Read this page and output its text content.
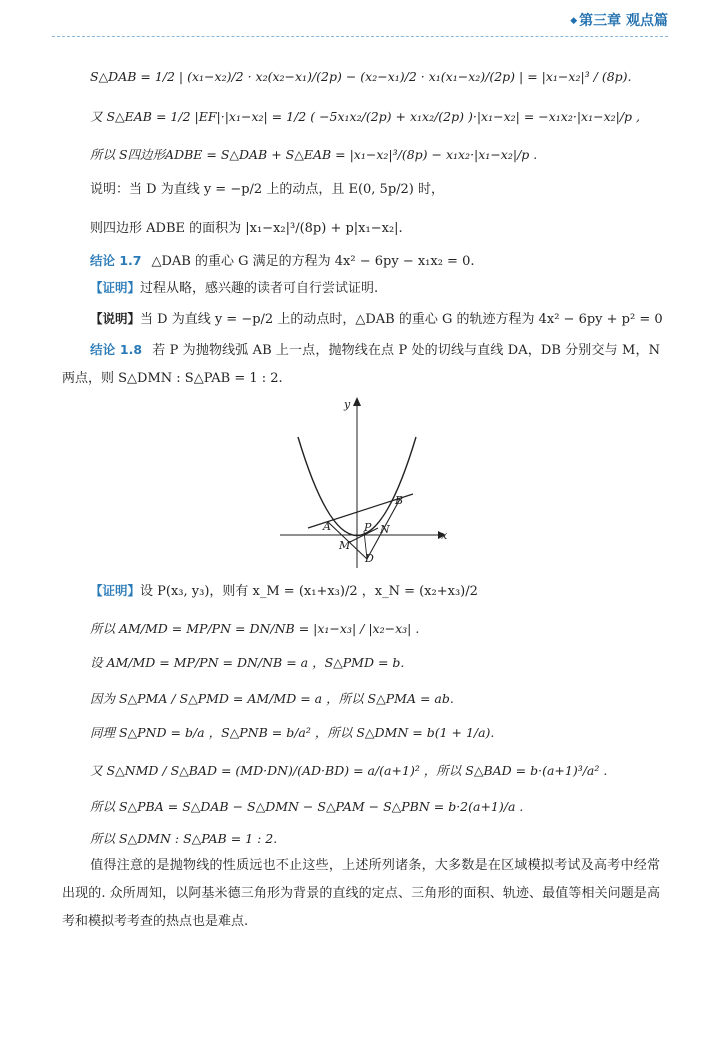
◆ 第三章 观点篇
S△DAB = 1/2 | (x₁−x₂)/2 · x₂(x₂−x₁)/(2p) − (x₂−x₁)/2 · x₁(x₁−x₂)/(2p) | = |x₁−x₂|³ / (8p).
又 S△EAB = 1/2 |EF|·|x₁−x₂| = 1/2 ( −5x₁x₂/(2p) + x₁x₂/(2p) )·|x₁−x₂| = −x₁x₂·|x₁−x₂|/p ,
所以 S四边形ADBE = S△DAB + S△EAB = |x₁−x₂|³/(8p) − x₁x₂·|x₁−x₂|/p .
说明：当 D 为直线 y = −p/2 上的动点，且 E(0, 5p/2) 时，
则四边形 ADBE 的面积为 |x₁−x₂|³/(8p) + p|x₁−x₂|.
结论 1.7 △DAB 的重心 G 满足的方程为 4x² − 6py − x₁x₂ = 0.
【证明】过程从略，感兴趣的读者可自行尝试证明.
【说明】当 D 为直线 y = −p/2 上的动点时，△DAB 的重心 G 的轨迹方程为 4x² − 6py + p² = 0
结论 1.8 若 P 为抛物线弧 AB 上一点，抛物线在点 P 处的切线与直线 DA，DB 分别交与 M，N 两点，则 S△DMN : S△PAB = 1 : 2.
y
x
A
B
P N
M
D
【证明】设 P(x₃, y₃)，则有 x_M = (x₁+x₃)/2 ，x_N = (x₂+x₃)/2
所以 AM/MD = MP/PN = DN/NB = |x₁−x₃| / |x₂−x₃| .
设 AM/MD = MP/PN = DN/NB = a ，S△PMD = b.
因为 S△PMA / S△PMD = AM/MD = a ，所以 S△PMA = ab.
同理 S△PND = b/a ，S△PNB = b/a² ，所以 S△DMN = b(1 + 1/a).
又 S△NMD / S△BAD = (MD·DN)/(AD·BD) = a/(a+1)² ，所以 S△BAD = b·(a+1)³/a² .
所以 S△PBA = S△DAB − S△DMN − S△PAM − S△PBN = b·2(a+1)/a .
所以 S△DMN : S△PAB = 1 : 2.
值得注意的是抛物线的性质远也不止这些，上述所列诸条，大多数是在区域模拟考试及高考中经常出现的. 众所周知，以阿基米德三角形为背景的直线的定点、三角形的面积、轨迹、最值等相关问题是高考和模拟考考查的热点也是难点.
